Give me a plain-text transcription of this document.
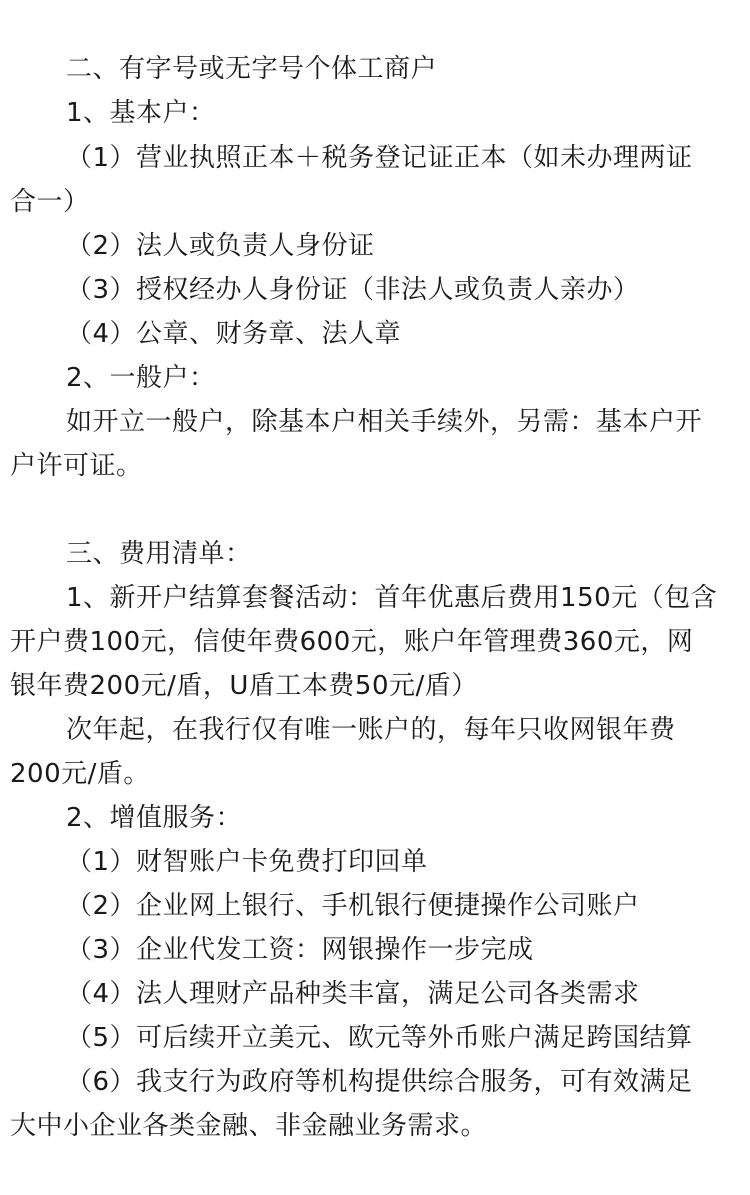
二、有字号或无字号个体工商户
1、基本户：
（1）营业执照正本＋税务登记证正本（如未办理两证
合一）
（2）法人或负责人身份证
（3）授权经办人身份证（非法人或负责人亲办）
（4）公章、财务章、法人章
2、一般户：
如开立一般户，除基本户相关手续外，另需：基本户开
户许可证。
三、费用清单：
1、新开户结算套餐活动：首年优惠后费用150元（包含
开户费100元，信使年费600元，账户年管理费360元，网
银年费200元/盾，U盾工本费50元/盾）
次年起，在我行仅有唯一账户的，每年只收网银年费
200元/盾。
2、增值服务：
（1）财智账户卡免费打印回单
（2）企业网上银行、手机银行便捷操作公司账户
（3）企业代发工资：网银操作一步完成
（4）法人理财产品种类丰富，满足公司各类需求
（5）可后续开立美元、欧元等外币账户满足跨国结算
（6）我支行为政府等机构提供综合服务，可有效满足
大中小企业各类金融、非金融业务需求。
